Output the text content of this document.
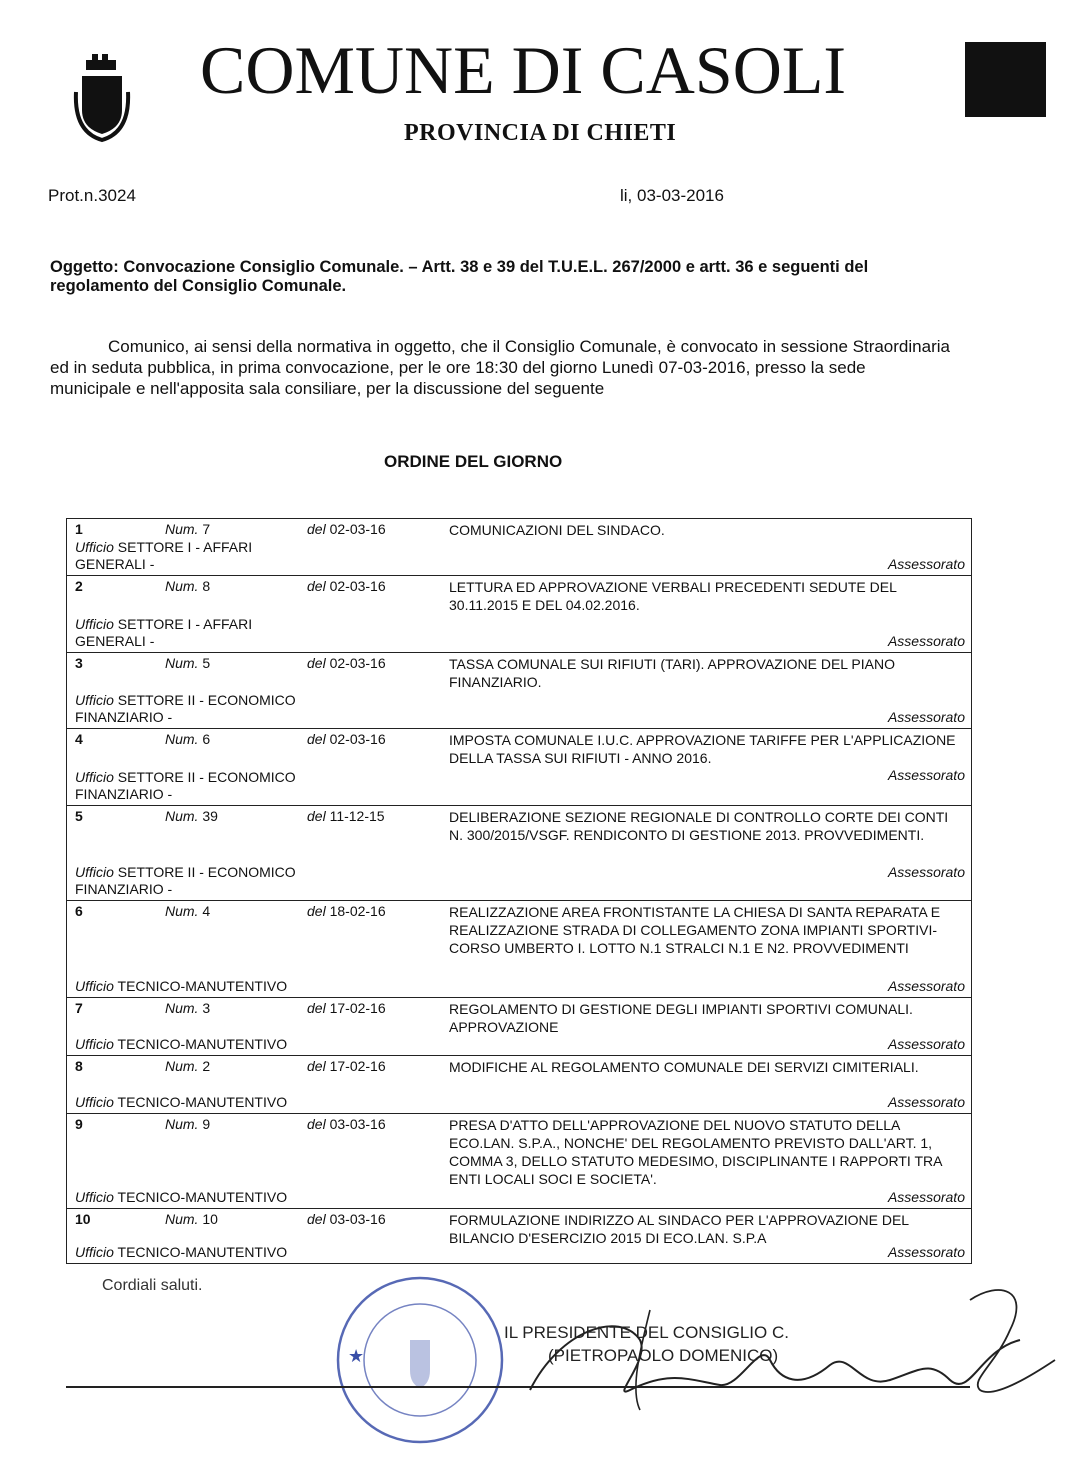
COMUNE DI CASOLI
PROVINCIA DI CHIETI
Prot.n.3024	li, 03-03-2016
Oggetto: Convocazione Consiglio Comunale. – Artt. 38 e 39 del T.U.E.L. 267/2000 e artt. 36 e seguenti del regolamento del Consiglio Comunale.
Comunico, ai sensi della normativa in oggetto, che il Consiglio Comunale, è convocato in sessione Straordinaria ed in seduta pubblica, in prima convocazione, per le ore 18:30 del giorno Lunedì 07-03-2016, presso la sede municipale e nell'apposita sala consiliare, per la discussione del seguente
ORDINE DEL GIORNO
1	Num. 7	del 02-03-16	COMUNICAZIONI DEL SINDACO.
Ufficio SETTORE I - AFFARI GENERALI -	Assessorato
2	Num. 8	del 02-03-16	LETTURA ED APPROVAZIONE VERBALI PRECEDENTI SEDUTE DEL 30.11.2015 E DEL 04.02.2016.
Ufficio SETTORE I - AFFARI GENERALI -	Assessorato
3	Num. 5	del 02-03-16	TASSA COMUNALE SUI RIFIUTI (TARI). APPROVAZIONE DEL PIANO FINANZIARIO.
Ufficio SETTORE II - ECONOMICO FINANZIARIO -	Assessorato
4	Num. 6	del 02-03-16	IMPOSTA COMUNALE I.U.C. APPROVAZIONE TARIFFE PER L'APPLICAZIONE DELLA TASSA SUI RIFIUTI - ANNO 2016.
Ufficio SETTORE II - ECONOMICO FINANZIARIO -
Assessorato
5	Num. 39	del 11-12-15	DELIBERAZIONE SEZIONE REGIONALE DI CONTROLLO CORTE DEI CONTI N. 300/2015/VSGF. RENDICONTO DI GESTIONE 2013. PROVVEDIMENTI.
Ufficio SETTORE II - ECONOMICO FINANZIARIO -
Assessorato
6	Num. 4	del 18-02-16	REALIZZAZIONE AREA FRONTISTANTE LA CHIESA DI SANTA REPARATA E REALIZZAZIONE STRADA DI COLLEGAMENTO ZONA IMPIANTI SPORTIVI- CORSO UMBERTO I. LOTTO N.1 STRALCI N.1 E N2. PROVVEDIMENTI
Ufficio TECNICO-MANUTENTIVO	Assessorato
7	Num. 3	del 17-02-16	REGOLAMENTO DI GESTIONE DEGLI IMPIANTI SPORTIVI COMUNALI. APPROVAZIONE
Ufficio TECNICO-MANUTENTIVO	Assessorato
8	Num. 2	del 17-02-16	MODIFICHE AL REGOLAMENTO COMUNALE DEI SERVIZI CIMITERIALI.
Ufficio TECNICO-MANUTENTIVO	Assessorato
9	Num. 9	del 03-03-16	PRESA D'ATTO DELL'APPROVAZIONE DEL NUOVO STATUTO DELLA ECO.LAN. S.P.A., NONCHE' DEL REGOLAMENTO PREVISTO DALL'ART. 1, COMMA 3, DELLO STATUTO MEDESIMO, DISCIPLINANTE I RAPPORTI TRA ENTI LOCALI SOCI E SOCIETA'.
Ufficio TECNICO-MANUTENTIVO	Assessorato
10	Num. 10	del 03-03-16	FORMULAZIONE INDIRIZZO AL SINDACO PER L'APPROVAZIONE DEL BILANCIO D'ESERCIZIO 2015 DI ECO.LAN. S.P.A
Ufficio TECNICO-MANUTENTIVO	Assessorato
Cordiali saluti.
★
IL PRESIDENTE DEL CONSIGLIO C.
(PIETROPAOLO DOMENICO)
